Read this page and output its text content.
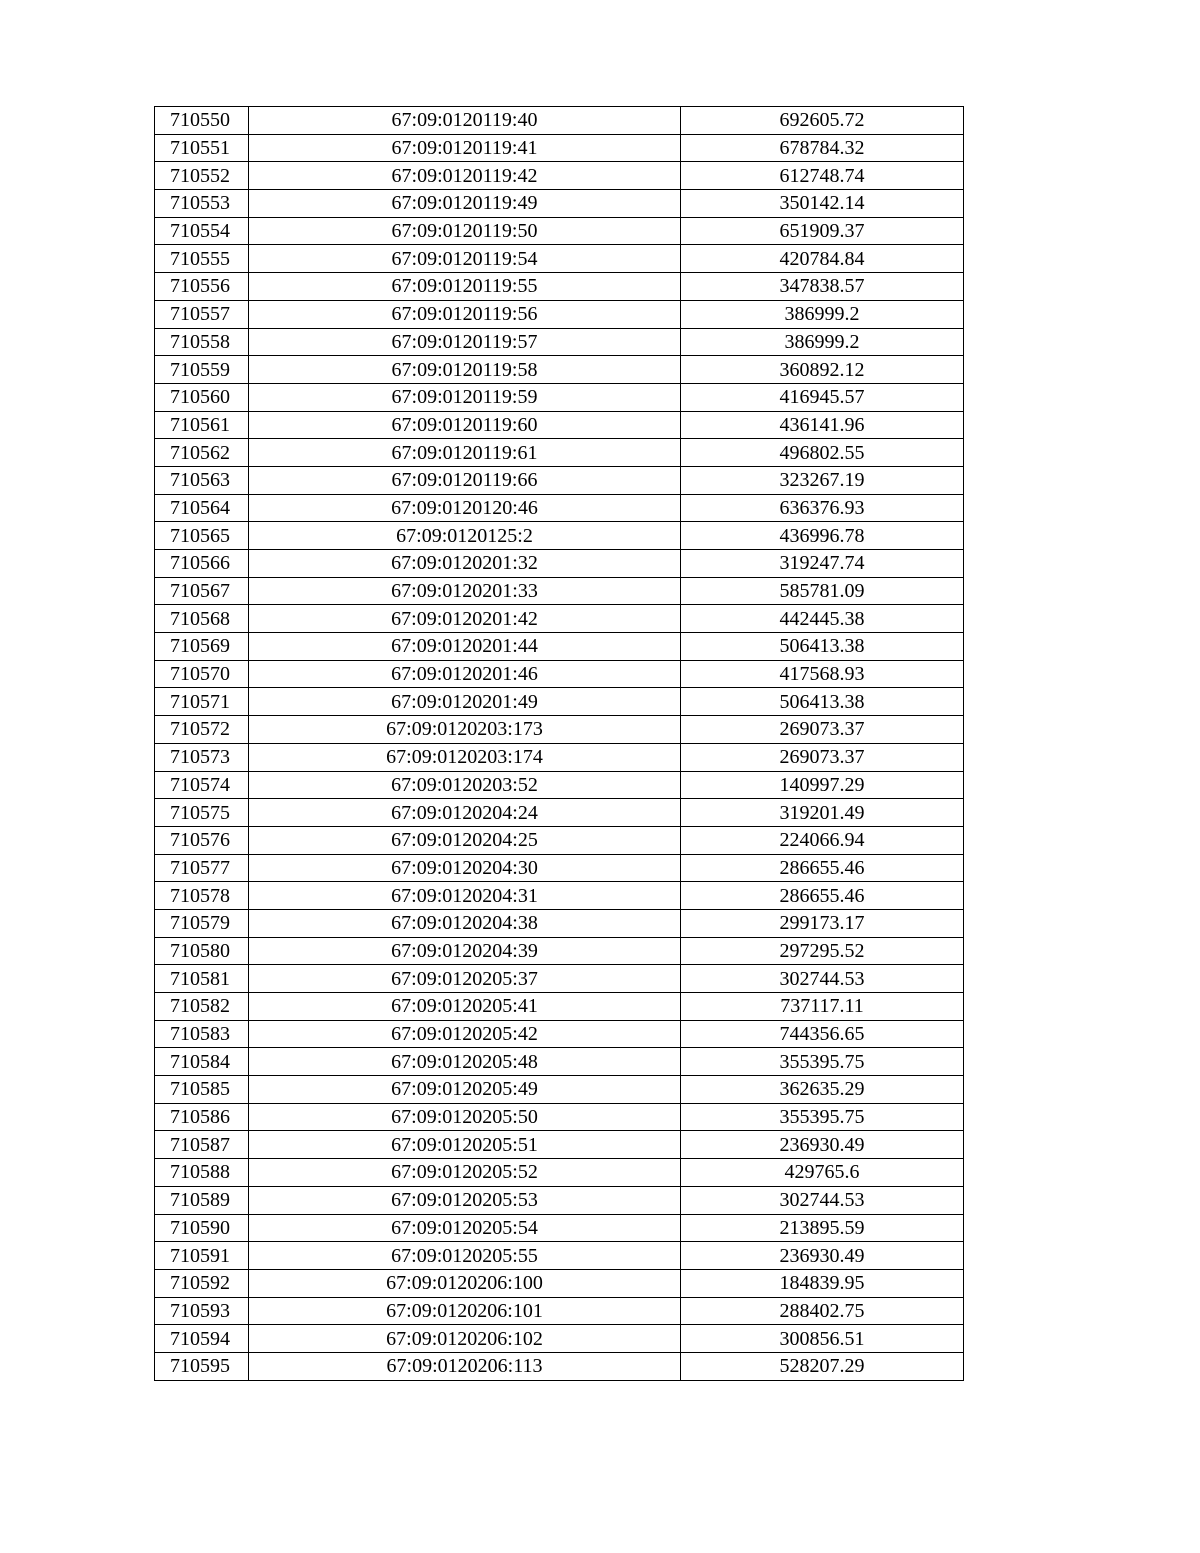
710550	67:09:0120119:40	692605.72
710551	67:09:0120119:41	678784.32
710552	67:09:0120119:42	612748.74
710553	67:09:0120119:49	350142.14
710554	67:09:0120119:50	651909.37
710555	67:09:0120119:54	420784.84
710556	67:09:0120119:55	347838.57
710557	67:09:0120119:56	386999.2
710558	67:09:0120119:57	386999.2
710559	67:09:0120119:58	360892.12
710560	67:09:0120119:59	416945.57
710561	67:09:0120119:60	436141.96
710562	67:09:0120119:61	496802.55
710563	67:09:0120119:66	323267.19
710564	67:09:0120120:46	636376.93
710565	67:09:0120125:2	436996.78
710566	67:09:0120201:32	319247.74
710567	67:09:0120201:33	585781.09
710568	67:09:0120201:42	442445.38
710569	67:09:0120201:44	506413.38
710570	67:09:0120201:46	417568.93
710571	67:09:0120201:49	506413.38
710572	67:09:0120203:173	269073.37
710573	67:09:0120203:174	269073.37
710574	67:09:0120203:52	140997.29
710575	67:09:0120204:24	319201.49
710576	67:09:0120204:25	224066.94
710577	67:09:0120204:30	286655.46
710578	67:09:0120204:31	286655.46
710579	67:09:0120204:38	299173.17
710580	67:09:0120204:39	297295.52
710581	67:09:0120205:37	302744.53
710582	67:09:0120205:41	737117.11
710583	67:09:0120205:42	744356.65
710584	67:09:0120205:48	355395.75
710585	67:09:0120205:49	362635.29
710586	67:09:0120205:50	355395.75
710587	67:09:0120205:51	236930.49
710588	67:09:0120205:52	429765.6
710589	67:09:0120205:53	302744.53
710590	67:09:0120205:54	213895.59
710591	67:09:0120205:55	236930.49
710592	67:09:0120206:100	184839.95
710593	67:09:0120206:101	288402.75
710594	67:09:0120206:102	300856.51
710595	67:09:0120206:113	528207.29
